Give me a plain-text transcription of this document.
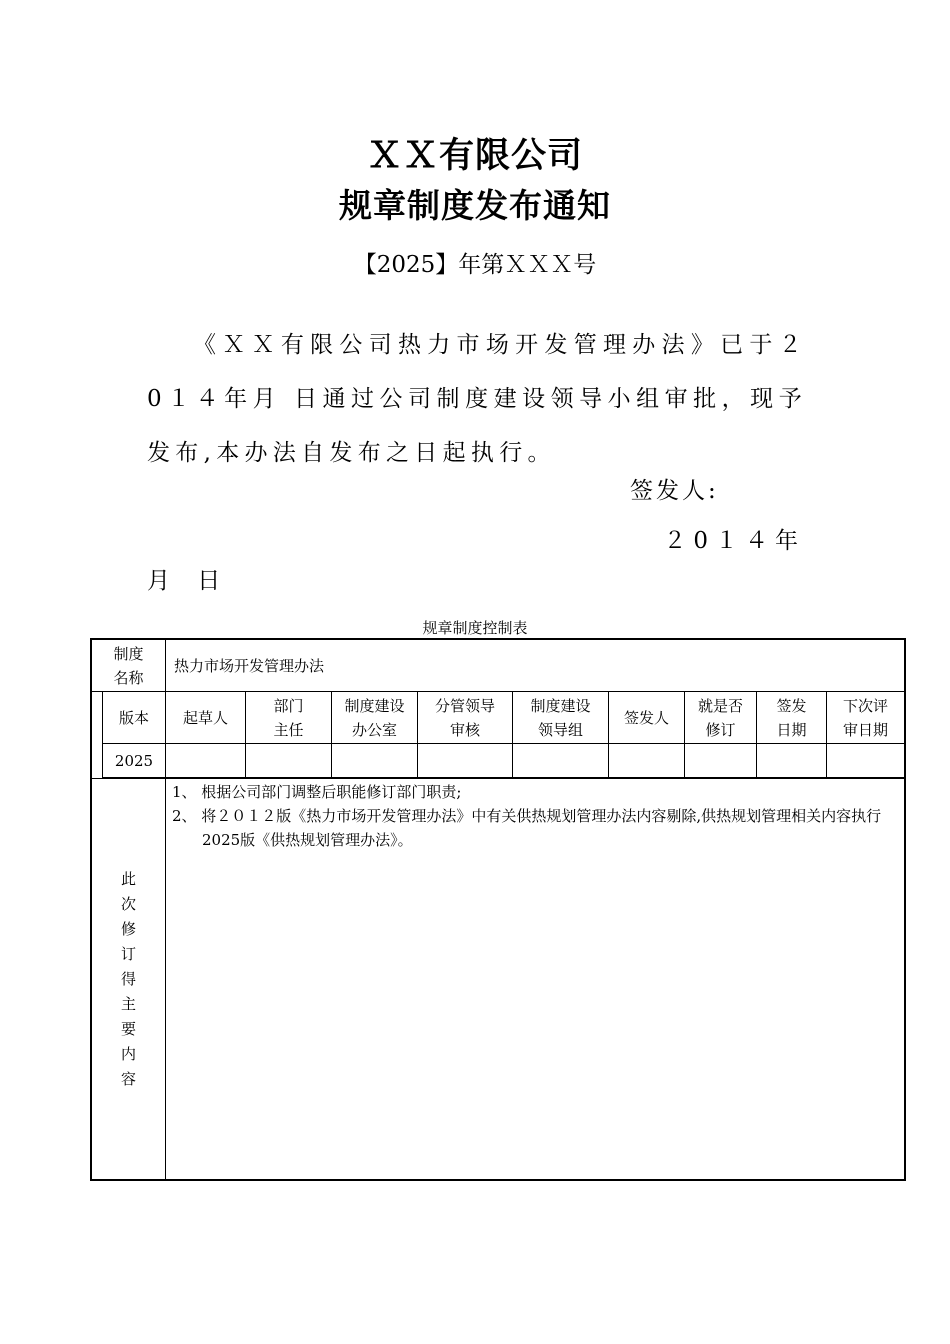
ＸＸ有限公司
规章制度发布通知
【2025】年第ＸＸＸ号
《ＸＸ有限公司热力市场开发管理办法》已于２0１４年月 日通过公司制度建设领导小组审批，现予发布,本办法自发布之日起执行。
签发人:
２0１４年
月 日
规章制度控制表
制度
名称
热力市场开发管理办法
版本	起草人
部门
主任
制度建设
办公室
分管领导
审核
制度建设
领导组
签发人
就是否
修订
签发
日期
下次评
审日期
2025
此次修订得主要内容
1、 根据公司部门调整后职能修订部门职责;
2、 将２０１２版《热力市场开发管理办法》中有关供热规划管理办法内容剔除,供热规划管理相关内容执行2025版《供热规划管理办法》。
